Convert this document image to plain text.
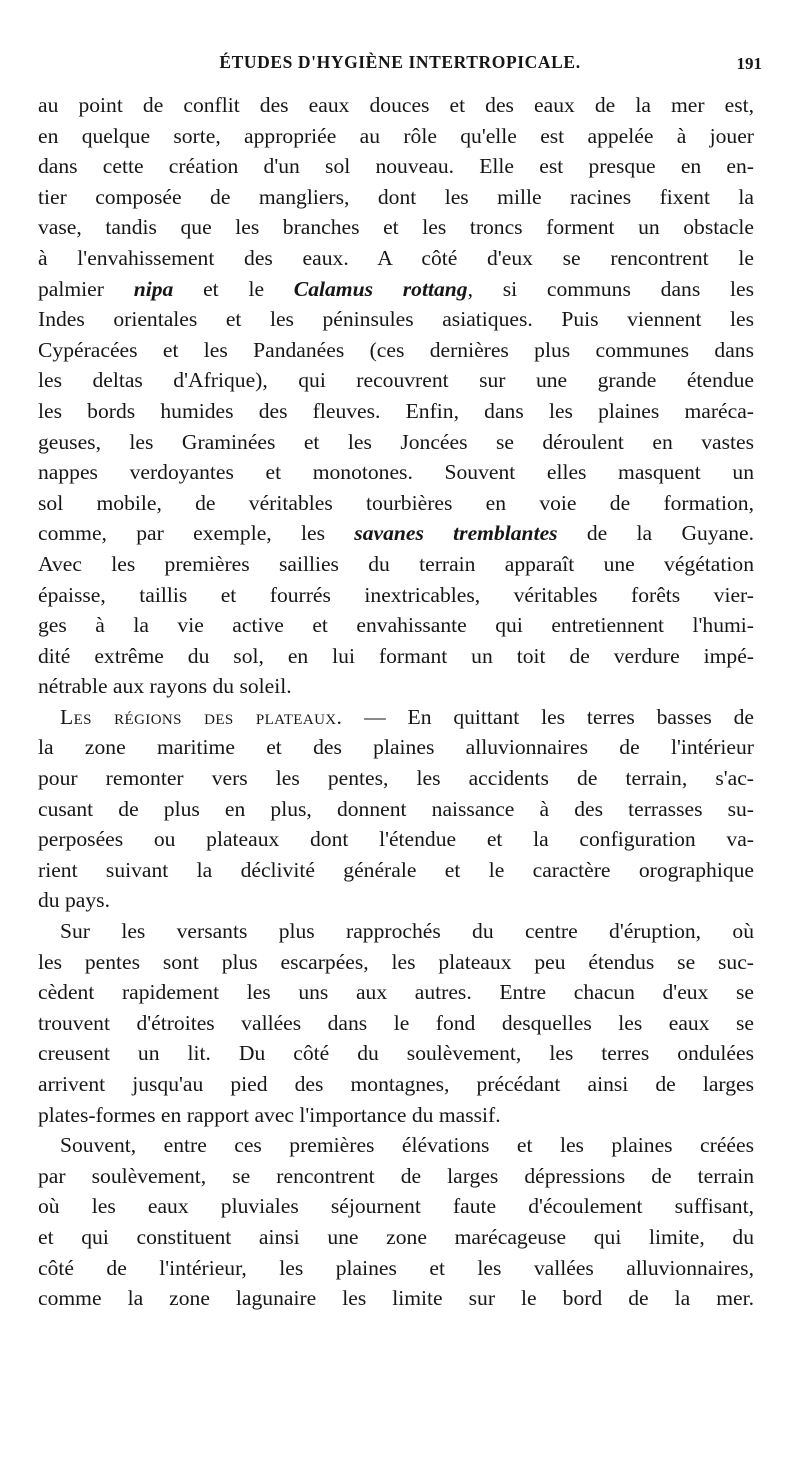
ÉTUDES D'HYGIÈNE INTERTROPICALE.	191

au point de conflit des eaux douces et des eaux de la mer est,

en quelque sorte, appropriée au rôle qu'elle est appelée à jouer

dans cette création d'un sol nouveau. Elle est presque en en-

tier composée de mangliers, dont les mille racines fixent la

vase, tandis que les branches et les troncs forment un obstacle

à l'envahissement des eaux. A côté d'eux se rencontrent le

palmier nipa et le Calamus rottang, si communs dans les

Indes orientales et les péninsules asiatiques. Puis viennent les

Cypéracées et les Pandanées (ces dernières plus communes dans

les deltas d'Afrique), qui recouvrent sur une grande étendue

les bords humides des fleuves. Enfin, dans les plaines maréca-

geuses, les Graminées et les Joncées se déroulent en vastes

nappes verdoyantes et monotones. Souvent elles masquent un

sol mobile, de véritables tourbières en voie de formation,

comme, par exemple, les savanes tremblantes de la Guyane.

Avec les premières saillies du terrain apparaît une végétation

épaisse, taillis et fourrés inextricables, véritables forêts vier-

ges à la vie active et envahissante qui entretiennent l'humi-

dité extrême du sol, en lui formant un toit de verdure impé-

nétrable aux rayons du soleil.

Les régions des plateaux. — En quittant les terres basses de

la zone maritime et des plaines alluvionnaires de l'intérieur

pour remonter vers les pentes, les accidents de terrain, s'ac-

cusant de plus en plus, donnent naissance à des terrasses su-

perposées ou plateaux dont l'étendue et la configuration va-

rient suivant la déclivité générale et le caractère orographique

du pays.

Sur les versants plus rapprochés du centre d'éruption, où

les pentes sont plus escarpées, les plateaux peu étendus se suc-

cèdent rapidement les uns aux autres. Entre chacun d'eux se

trouvent d'étroites vallées dans le fond desquelles les eaux se

creusent un lit. Du côté du soulèvement, les terres ondulées

arrivent jusqu'au pied des montagnes, précédant ainsi de larges

plates-formes en rapport avec l'importance du massif.

Souvent, entre ces premières élévations et les plaines créées

par soulèvement, se rencontrent de larges dépressions de terrain

où les eaux pluviales séjournent faute d'écoulement suffisant,

et qui constituent ainsi une zone marécageuse qui limite, du

côté de l'intérieur, les plaines et les vallées alluvionnaires,

comme la zone lagunaire les limite sur le bord de la mer.
